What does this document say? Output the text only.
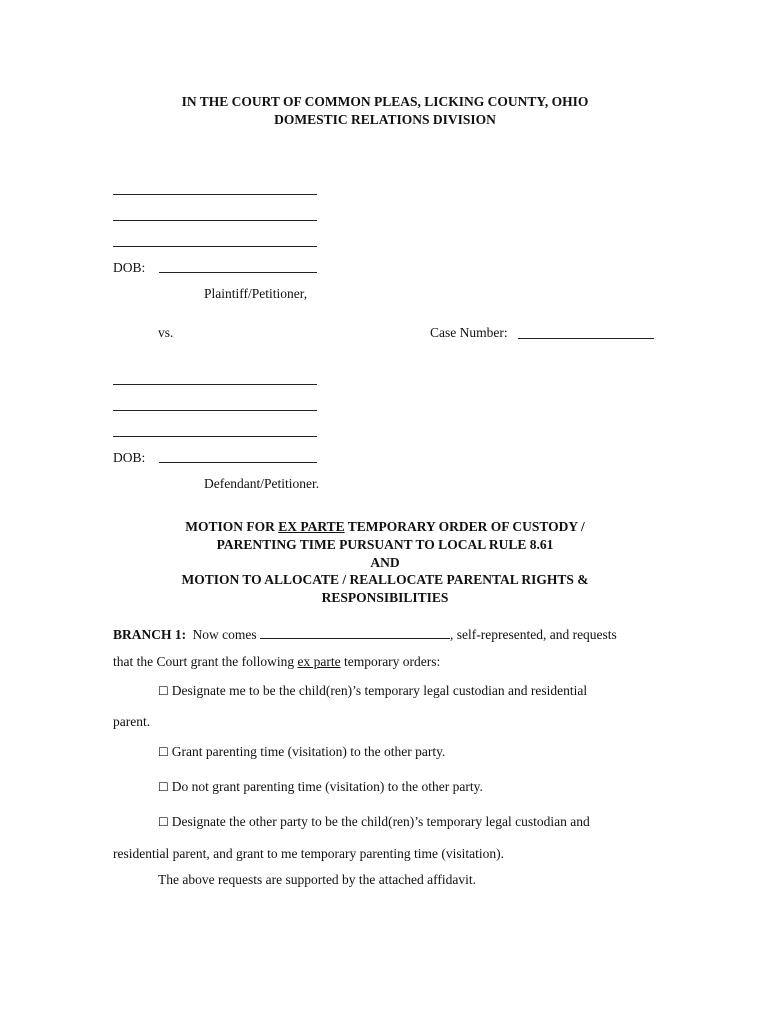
IN THE COURT OF COMMON PLEAS, LICKING COUNTY, OHIO
DOMESTIC RELATIONS DIVISION
DOB:
Plaintiff/Petitioner,
vs.	Case Number:
DOB:
Defendant/Petitioner.
MOTION FOR EX PARTE TEMPORARY ORDER OF CUSTODY /
PARENTING TIME PURSUANT TO LOCAL RULE 8.61
AND
MOTION TO ALLOCATE / REALLOCATE PARENTAL RIGHTS &
RESPONSIBILITIES
BRANCH 1: Now comes	, self-represented, and requests
that the Court grant the following ex parte temporary orders:
☐ Designate me to be the child(ren)’s temporary legal custodian and residential
parent.
☐ Grant parenting time (visitation) to the other party.
☐ Do not grant parenting time (visitation) to the other party.
☐ Designate the other party to be the child(ren)’s temporary legal custodian and
residential parent, and grant to me temporary parenting time (visitation).
The above requests are supported by the attached affidavit.
